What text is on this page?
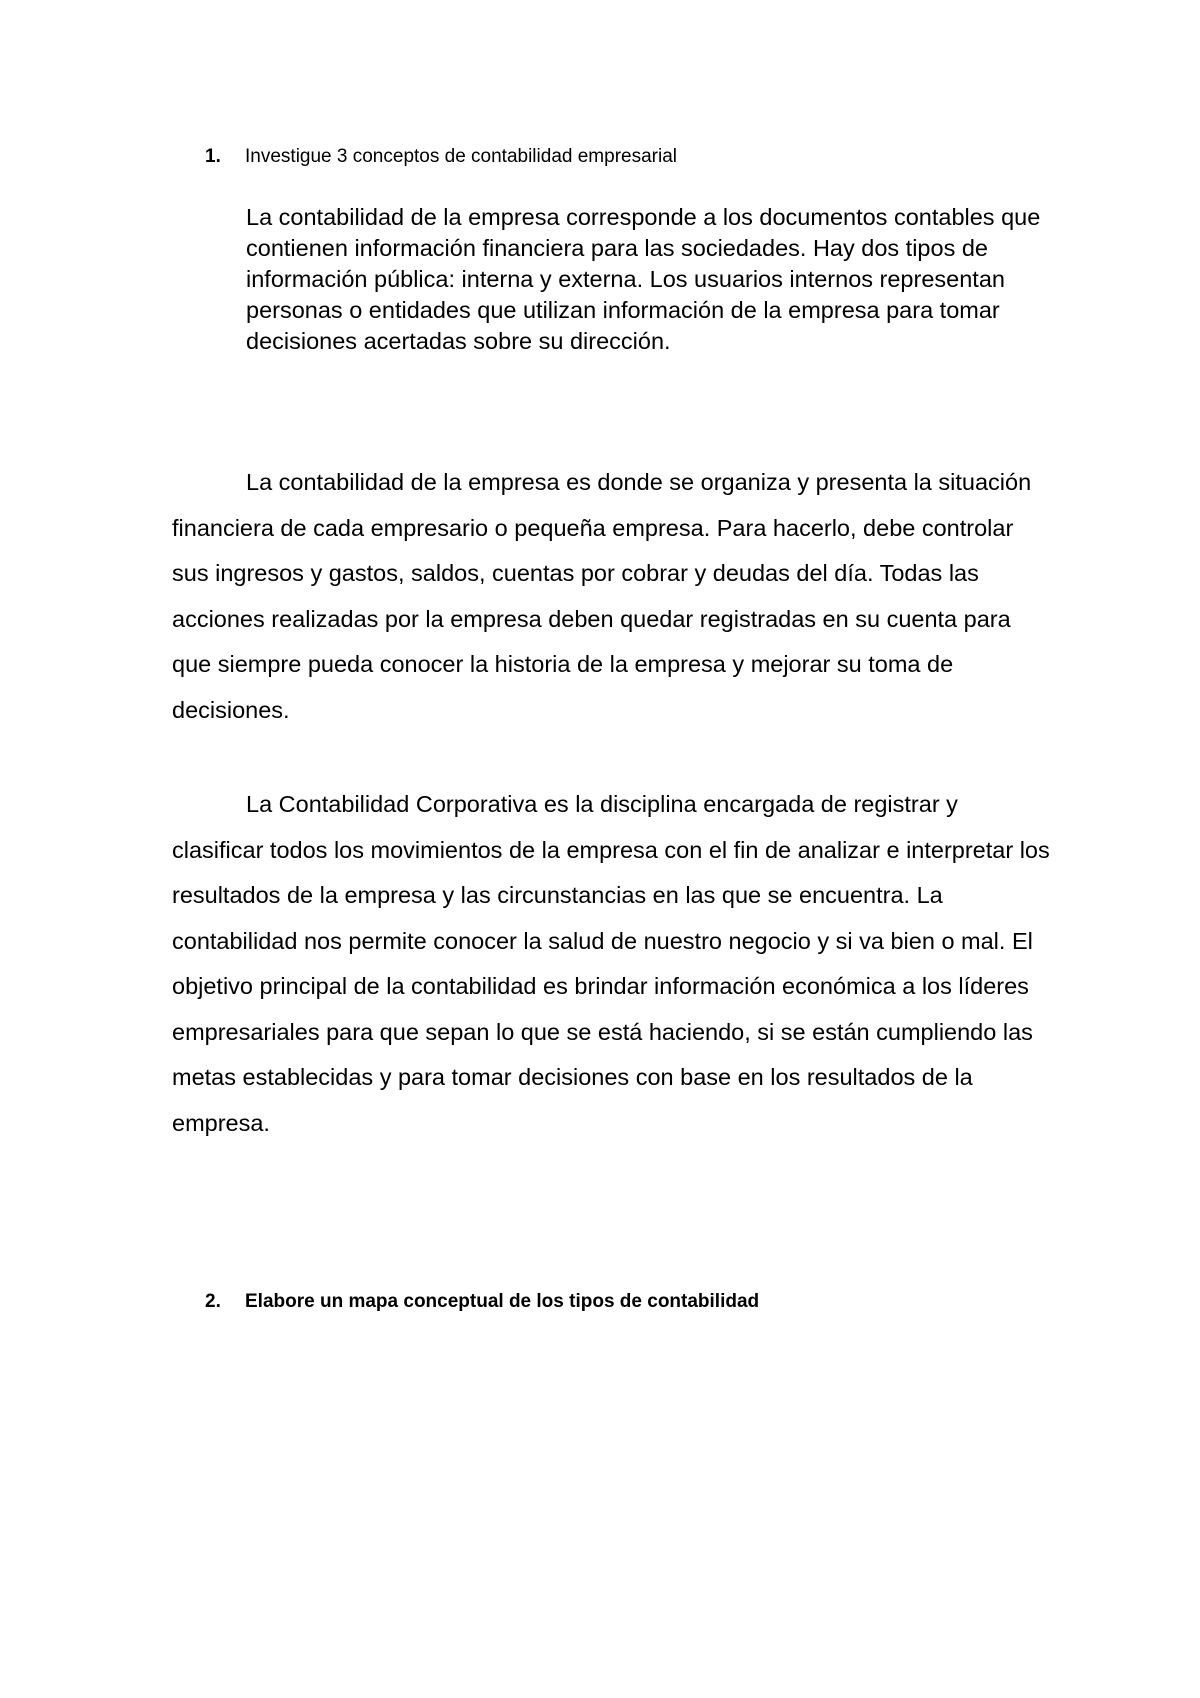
1.	Investigue 3 conceptos de contabilidad empresarial

La contabilidad de la empresa corresponde a los documentos contables que contienen información financiera para las sociedades. Hay dos tipos de información pública: interna y externa. Los usuarios internos representan personas o entidades que utilizan información de la empresa para tomar decisiones acertadas sobre su dirección.

La contabilidad de la empresa es donde se organiza y presenta la situación financiera de cada empresario o pequeña empresa. Para hacerlo, debe controlar sus ingresos y gastos, saldos, cuentas por cobrar y deudas del día. Todas las acciones realizadas por la empresa deben quedar registradas en su cuenta para que siempre pueda conocer la historia de la empresa y mejorar su toma de decisiones.

La Contabilidad Corporativa es la disciplina encargada de registrar y clasificar todos los movimientos de la empresa con el fin de analizar e interpretar los resultados de la empresa y las circunstancias en las que se encuentra. La contabilidad nos permite conocer la salud de nuestro negocio y si va bien o mal. El objetivo principal de la contabilidad es brindar información económica a los líderes empresariales para que sepan lo que se está haciendo, si se están cumpliendo las metas establecidas y para tomar decisiones con base en los resultados de la empresa.

2.	Elabore un mapa conceptual de los tipos de contabilidad
